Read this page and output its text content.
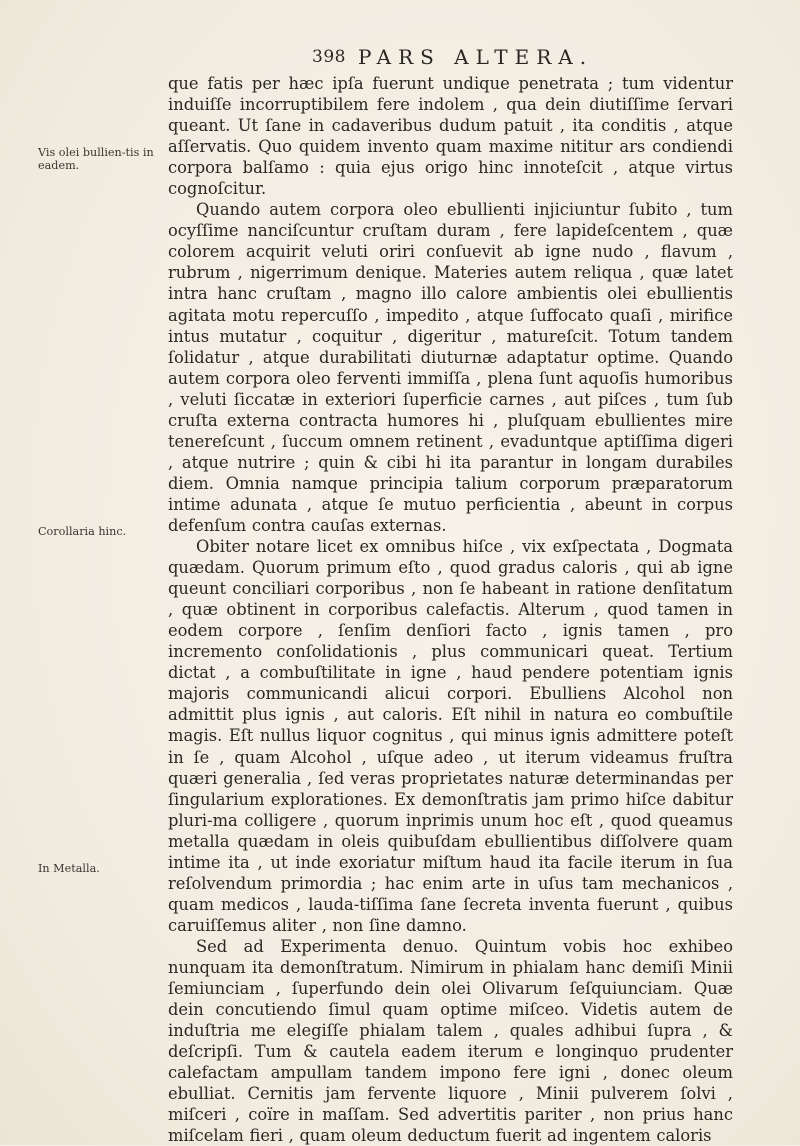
398 PARS ALTERA.
Vis olei bullien-tis in eadem.
Corollaria hinc.
In Metalla.

que fatis per hæc ipſa fuerunt undique penetrata ; tum videntur induiſſe incorruptibilem fere indolem , qua dein diutiſſime ſervari queant. Ut ſane in cadaveribus dudum patuit , ita conditis , atque aſſervatis. Quo quidem invento quam maxime nititur ars condiendi corpora balſamo : quia ejus origo hinc innoteſcit , atque virtus cognoſcitur.

Quando autem corpora oleo ebullienti injiciuntur ſubito , tum ocyſſime nanciſcuntur cruſtam duram , fere lapideſcentem , quæ colorem acquirit veluti oriri conſuevit ab igne nudo , flavum , rubrum , nigerrimum denique. Materies autem reliqua , quæ latet intra hanc cruſtam , magno illo calore ambientis olei ebullientis agitata motu repercuſſo , impedito , atque ſuffocato quaſi , mirifice intus mutatur , coquitur , digeritur , matureſcit. Totum tandem ſolidatur , atque durabilitati diuturnæ adaptatur optime. Quando autem corpora oleo ferventi immiſſa , plena ſunt aquoſis humoribus , veluti ſiccatæ in exteriori ſuperficie carnes , aut piſces , tum ſub cruſta externa contracta humores hi , pluſquam ebullientes mire tenereſcunt , ſuccum omnem retinent , evaduntque aptiſſima digeri , atque nutrire ; quin & cibi hi ita parantur in longam durabiles diem. Omnia namque principia talium corporum præparatorum intime adunata , atque ſe mutuo perficientia , abeunt in corpus defenſum contra cauſas externas.

Obiter notare licet ex omnibus hiſce , vix exſpectata , Dogmata quædam. Quorum primum eſto , quod gradus caloris , qui ab igne queunt conciliari corporibus , non ſe habeant in ratione denſitatum , quæ obtinent in corporibus calefactis. Alterum , quod tamen in eodem corpore , ſenſim denſiori facto , ignis tamen , pro incremento conſolidationis , plus communicari queat. Tertium dictat , a combuſtilitate in igne , haud pendere potentiam ignis majoris communicandi alicui corpori. Ebulliens Alcohol non admittit plus ignis , aut caloris. Eſt nihil in natura eo combuſtile magis. Eſt nullus liquor cognitus , qui minus ignis admittere poteſt in ſe , quam Alcohol , uſque adeo , ut iterum videamus fruſtra quæri generalia , ſed veras proprietates naturæ determinandas per ſingularium explorationes. Ex demonſtratis jam primo hiſce dabitur pluri-ma colligere , quorum inprimis unum hoc eſt , quod queamus metalla quædam in oleis quibuſdam ebullientibus diſſolvere quam intime ita , ut inde exoriatur miſtum haud ita facile iterum in ſua reſolvendum primordia ; hac enim arte in uſus tam mechanicos , quam medicos , lauda-tiſſima ſane ſecreta inventa fuerunt , quibus caruiſſemus aliter , non ſine damno.

Sed ad Experimenta denuo. Quintum vobis hoc exhibeo nunquam ita demonſtratum. Nimirum in phialam hanc demiſi Minii ſemiunciam , ſuperfundo dein olei Olivarum ſeſquiunciam. Quæ dein concutiendo ſimul quam optime miſceo. Videtis autem de induſtria me elegiſſe phialam talem , quales adhibui ſupra , & deſcripſi. Tum & cautela eadem iterum e longinquo prudenter calefactam ampullam tandem impono fere igni , donec oleum ebulliat. Cernitis jam fervente liquore , Minii pulverem ſolvi , miſceri , coïre in maſſam. Sed advertitis pariter , non prius hanc miſcelam fieri , quam oleum deductum fuerit ad ingentem caloris
